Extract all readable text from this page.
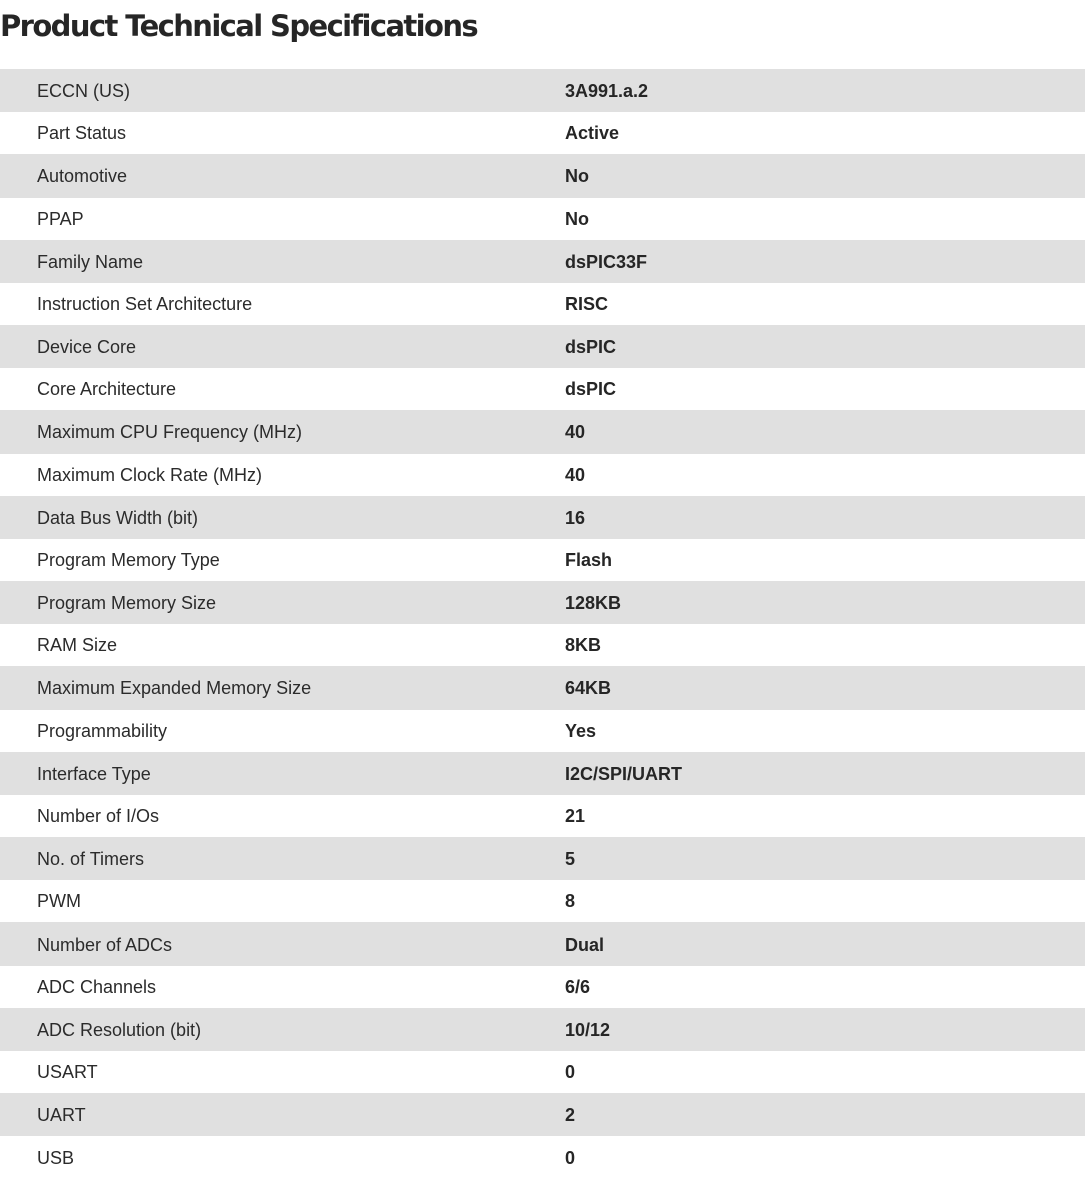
Product Technical Specifications
ECCN (US)	3A991.a.2
Part Status	Active
Automotive	No
PPAP	No
Family Name	dsPIC33F
Instruction Set Architecture	RISC
Device Core	dsPIC
Core Architecture	dsPIC
Maximum CPU Frequency (MHz)	40
Maximum Clock Rate (MHz)	40
Data Bus Width (bit)	16
Program Memory Type	Flash
Program Memory Size	128KB
RAM Size	8KB
Maximum Expanded Memory Size	64KB
Programmability	Yes
Interface Type	I2C/SPI/UART
Number of I/Os	21
No. of Timers	5
PWM	8
Number of ADCs	Dual
ADC Channels	6/6
ADC Resolution (bit)	10/12
USART	0
UART	2
USB	0
